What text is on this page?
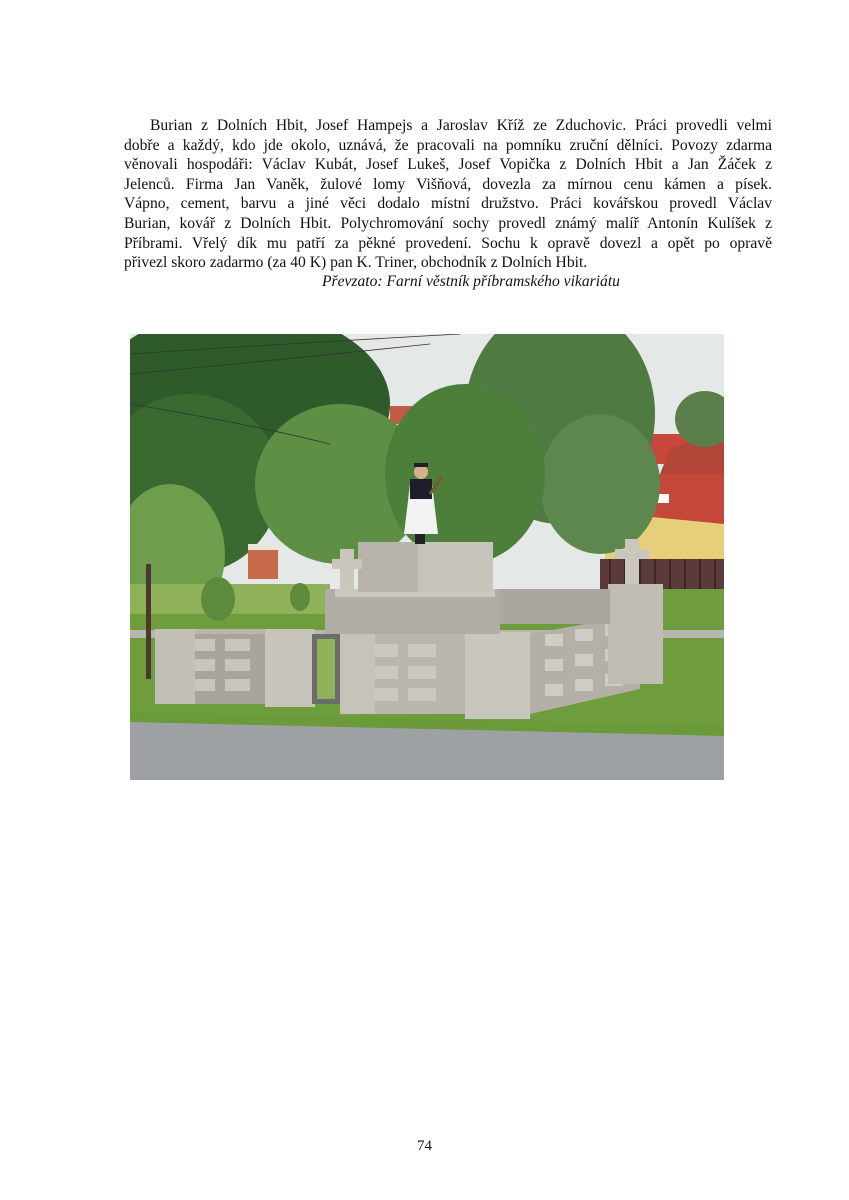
Burian z Dolních Hbit, Josef Hampejs a Jaroslav Kříž ze Zduchovic. Práci provedli velmi
dobře a každý, kdo jde okolo, uznává, že pracovali na pomníku zruční dělníci. Povozy zdarma
věnovali hospodáři: Václav Kubát, Josef Lukeš, Josef Vopička z Dolních Hbit a Jan Žáček z
Jelenců. Firma Jan Vaněk, žulové lomy Višňová, dovezla za mírnou cenu kámen a písek.
Vápno, cement, barvu a jiné věci dodalo místní družstvo. Práci kovářskou provedl Václav
Burian, kovář z Dolních Hbit. Polychromování sochy provedl známý malíř Antonín Kulíšek z
Příbrami. Vřelý dík mu patří za pěkné provedení. Sochu k opravě dovezl a opět po opravě
přivezl skoro zadarmo (za 40 K) pan K. Triner, obchodník z Dolních Hbit.
Převzato: Farní věstník příbramského vikariátu
74
